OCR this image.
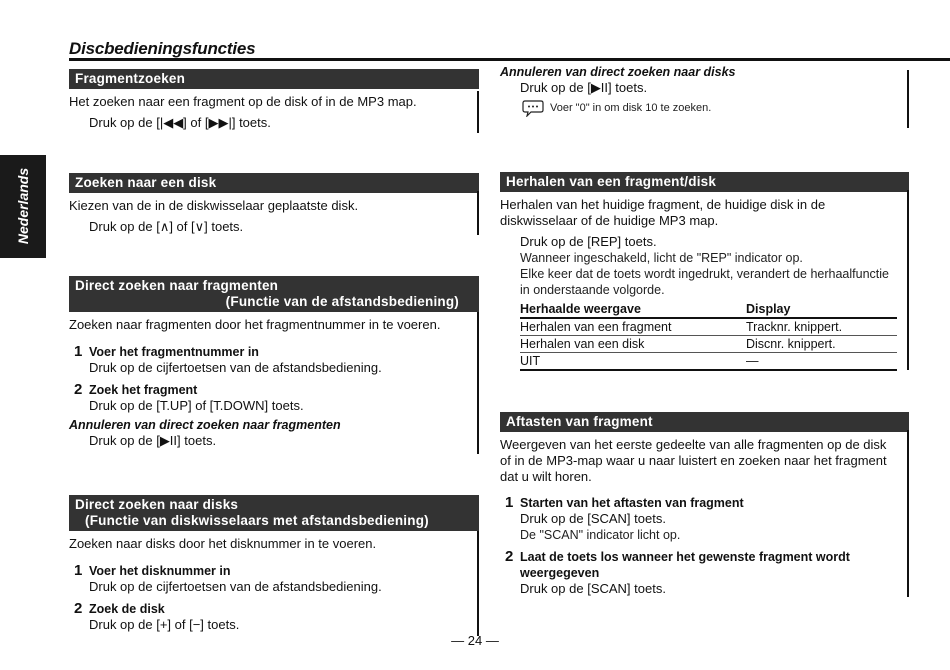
Discbedieningsfuncties
Nederlands
Fragmentzoeken

Het zoeken naar een fragment op de disk of in de MP3 map.

Druk op de [|◀◀] of [▶▶|] toets.

Zoeken naar een disk

Kiezen van de in de diskwisselaar geplaatste disk.

Druk op de [∧] of [∨] toets.

Direct zoeken naar fragmenten
(Functie van de afstandsbediening)

Zoeken naar fragmenten door het fragmentnummer in te voeren.

1 Voer het fragmentnummer in
Druk op de cijfertoetsen van de afstandsbediening.
2 Zoek het fragment
Druk op de [T.UP] of [T.DOWN] toets.
Annuleren van direct zoeken naar fragmenten

Druk op de [▶II] toets.

Direct zoeken naar disks
(Functie van diskwisselaars met afstandsbediening)

Zoeken naar disks door het disknummer in te voeren.

1 Voer het disknummer in
Druk op de cijfertoetsen van de afstandsbediening.
2 Zoek de disk
Druk op de [+] of [−] toets.
Annuleren van direct zoeken naar disks

Druk op de [▶II] toets.

Voer "0" in om disk 10 te zoeken.
Herhalen van een fragment/disk

Herhalen van het huidige fragment, de huidige disk in de diskwisselaar of de huidige MP3 map.

Druk op de [REP] toets.

Wanneer ingeschakeld, licht de "REP" indicator op.
Elke keer dat de toets wordt ingedrukt, verandert de herhaalfunctie in onderstaande volgorde.
Herhaalde weergave	Display
Herhalen van een fragment	Tracknr. knippert.
Herhalen van een disk	Discnr. knippert.
UIT	—
Aftasten van fragment

Weergeven van het eerste gedeelte van alle fragmenten op de disk of in de MP3-map waar u naar luistert en zoeken naar het fragment dat u wilt horen.

1 Starten van het aftasten van fragment
Druk op de [SCAN] toets.
De "SCAN" indicator licht op.
2 Laat de toets los wanneer het gewenste fragment wordt weergegeven
Druk op de [SCAN] toets.
— 24 —
